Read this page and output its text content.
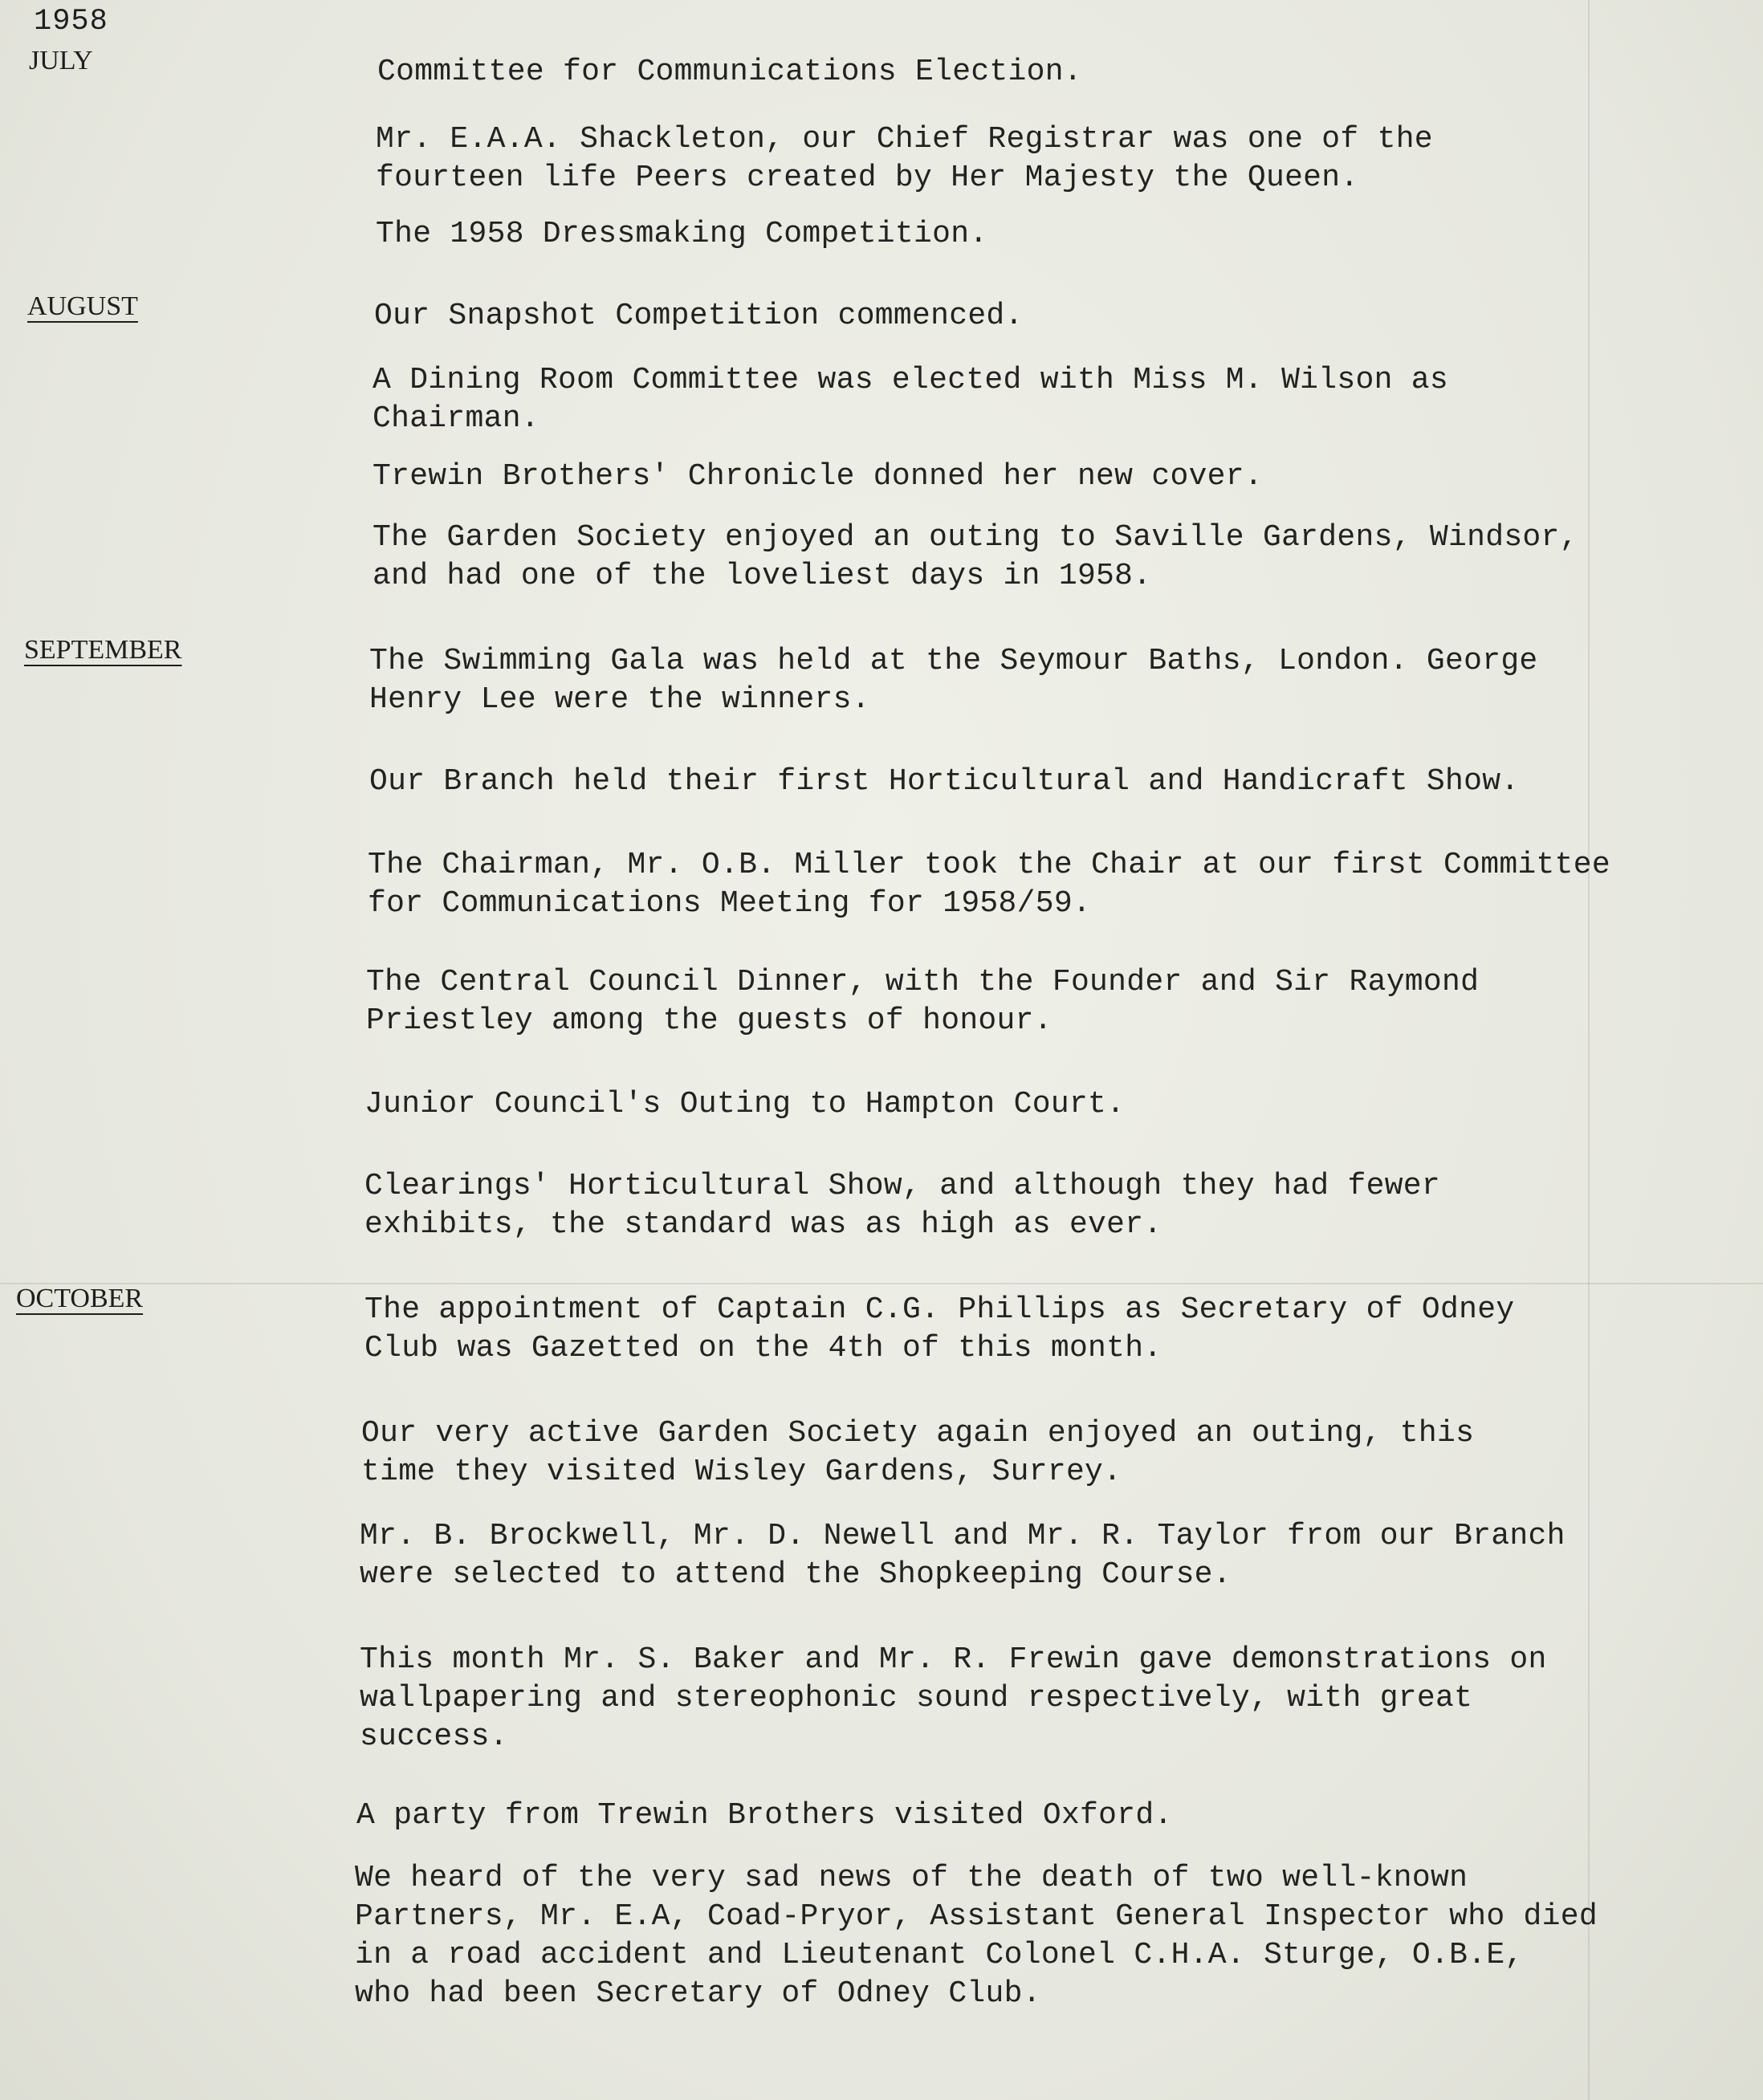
1958
JULY
AUGUST
SEPTEMBER
OCTOBER
Committee for Communications Election.
Mr. E.A.A. Shackleton, our Chief Registrar was one of the
fourteen life Peers created by Her Majesty the Queen.
The 1958 Dressmaking Competition.
Our Snapshot Competition commenced.
A Dining Room Committee was elected with Miss M. Wilson as
Chairman.
Trewin Brothers' Chronicle donned her new cover.
The Garden Society enjoyed an outing to Saville Gardens, Windsor,
and had one of the loveliest days in 1958.
The Swimming Gala was held at the Seymour Baths, London. George
Henry Lee were the winners.
Our Branch held their first Horticultural and Handicraft Show.
The Chairman, Mr. O.B. Miller took the Chair at our first Committee
for Communications Meeting for 1958/59.
The Central Council Dinner, with the Founder and Sir Raymond
Priestley among the guests of honour.
Junior Council's Outing to Hampton Court.
Clearings' Horticultural Show, and although they had fewer
exhibits, the standard was as high as ever.
The appointment of Captain C.G. Phillips as Secretary of Odney
Club was Gazetted on the 4th of this month.
Our very active Garden Society again enjoyed an outing, this
time they visited Wisley Gardens, Surrey.
Mr. B. Brockwell, Mr. D. Newell and Mr. R. Taylor from our Branch
were selected to attend the Shopkeeping Course.
This month Mr. S. Baker and Mr. R. Frewin gave demonstrations on
wallpapering and stereophonic sound respectively, with great
success.
A party from Trewin Brothers visited Oxford.
We heard of the very sad news of the death of two well-known
Partners, Mr. E.A, Coad-Pryor, Assistant General Inspector who died
in a road accident and Lieutenant Colonel C.H.A. Sturge, O.B.E,
who had been Secretary of Odney Club.
